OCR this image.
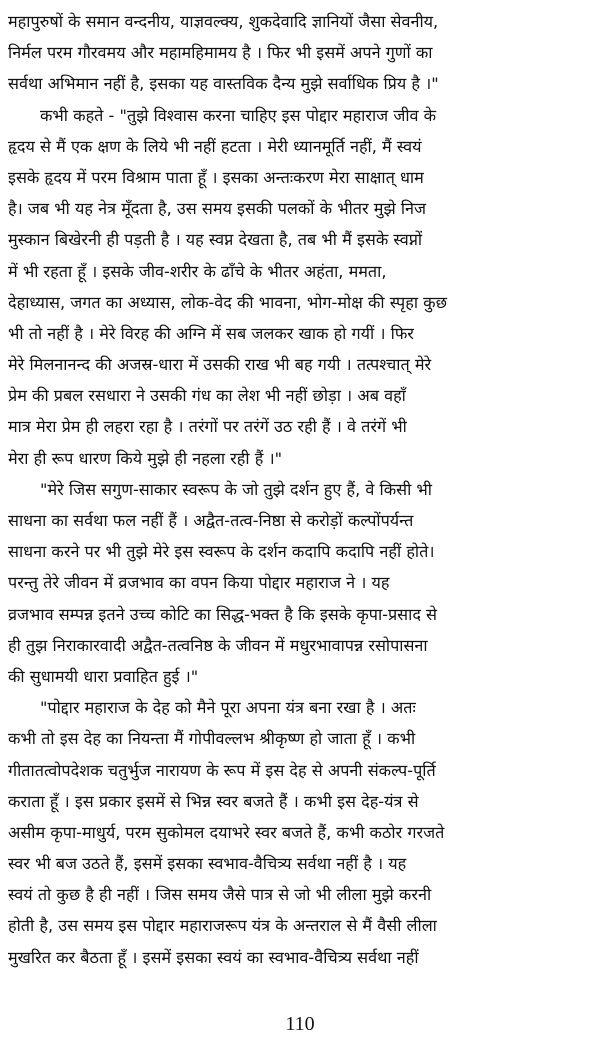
महापुरुषों के समान वन्दनीय, याज्ञवल्क्य, शुकदेवादि ज्ञानियों जैसा सेवनीय,
निर्मल परम गौरवमय और महामहिमामय है । फिर भी इसमें अपने गुणों का
सर्वथा अभिमान नहीं है, इसका यह वास्तविक दैन्य मुझे सर्वाधिक प्रिय है ।"
कभी कहते - "तुझे विश्वास करना चाहिए इस पोद्दार महाराज जीव के
हृदय से मैं एक क्षण के लिये भी नहीं हटता । मेरी ध्यानमूर्ति नहीं, मैं स्वयं
इसके हृदय में परम विश्राम पाता हूँ । इसका अन्तःकरण मेरा साक्षात् धाम
है। जब भी यह नेत्र मूँदता है, उस समय इसकी पलकों के भीतर मुझे निज
मुस्कान बिखेरनी ही पड़ती है । यह स्वप्न देखता है, तब भी मैं इसके स्वप्नों
में भी रहता हूँ । इसके जीव-शरीर के ढाँचे के भीतर अहंता, ममता,
देहाध्यास, जगत का अध्यास, लोक-वेद की भावना, भोग-मोक्ष की स्पृहा कुछ
भी तो नहीं है । मेरे विरह की अग्नि में सब जलकर खाक हो गयीं । फिर
मेरे मिलनानन्द की अजस्र-धारा में उसकी राख भी बह गयी । तत्पश्चात् मेरे
प्रेम की प्रबल रसधारा ने उसकी गंध का लेश भी नहीं छोड़ा । अब वहाँ
मात्र मेरा प्रेम ही लहरा रहा है । तरंगों पर तरंगें उठ रही हैं । वे तरंगें भी
मेरा ही रूप धारण किये मुझे ही नहला रही हैं ।"
"मेरे जिस सगुण-साकार स्वरूप के जो तुझे दर्शन हुए हैं, वे किसी भी
साधना का सर्वथा फल नहीं हैं । अद्वैत-तत्व-निष्ठा से करोड़ों कल्पोंपर्यन्त
साधना करने पर भी तुझे मेरे इस स्वरूप के दर्शन कदापि कदापि नहीं होते।
परन्तु तेरे जीवन में व्रजभाव का वपन किया पोद्दार महाराज ने । यह
व्रजभाव सम्पन्न इतने उच्च कोटि का सिद्ध-भक्त है कि इसके कृपा-प्रसाद से
ही तुझ निराकारवादी अद्वैत-तत्वनिष्ठ के जीवन में मधुरभावापन्न रसोपासना
की सुधामयी धारा प्रवाहित हुई ।"
"पोद्दार महाराज के देह को मैने पूरा अपना यंत्र बना रखा है । अतः
कभी तो इस देह का नियन्ता मैं गोपीवल्लभ श्रीकृष्ण हो जाता हूँ । कभी
गीतातत्वोपदेशक चतुर्भुज नारायण के रूप में इस देह से अपनी संकल्प-पूर्ति
कराता हूँ । इस प्रकार इसमें से भिन्न स्वर बजते हैं । कभी इस देह-यंत्र से
असीम कृपा-माधुर्य, परम सुकोमल दयाभरे स्वर बजते हैं, कभी कठोर गरजते
स्वर भी बज उठते हैं, इसमें इसका स्वभाव-वैचित्र्य सर्वथा नहीं है । यह
स्वयं तो कुछ है ही नहीं । जिस समय जैसे पात्र से जो भी लीला मुझे करनी
होती है, उस समय इस पोद्दार महाराजरूप यंत्र के अन्तराल से मैं वैसी लीला
मुखरित कर बैठता हूँ । इसमें इसका स्वयं का स्वभाव-वैचित्र्य सर्वथा नहीं
110
